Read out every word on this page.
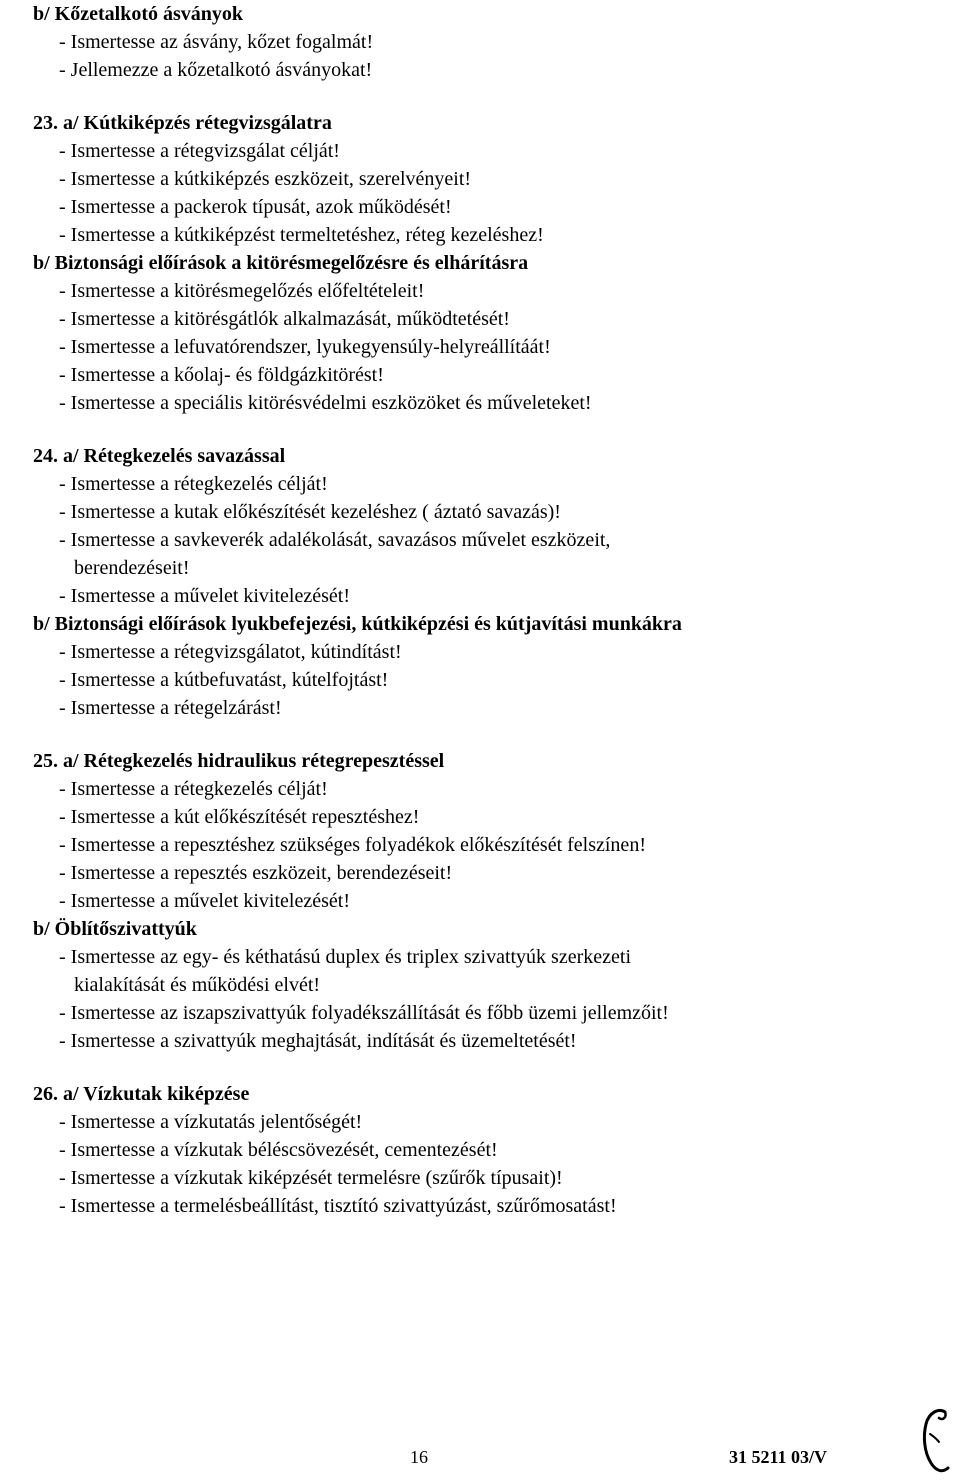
b/ Kőzetalkotó ásványok
- Ismertesse az ásvány, kőzet fogalmát!
- Jellemezze a kőzetalkotó ásványokat!
23. a/ Kútkiképzés rétegvizsgálatra
- Ismertesse a rétegvizsgálat célját!
- Ismertesse a kútkiképzés eszközeit, szerelvényeit!
- Ismertesse a packerok típusát, azok működését!
- Ismertesse a kútkiképzést termeltetéshez, réteg kezeléshez!
b/ Biztonsági előírások a kitörésmegelőzésre és elhárításra
- Ismertesse a kitörésmegelőzés előfeltételeit!
- Ismertesse a kitörésgátlók alkalmazását, működtetését!
- Ismertesse a lefuvatórendszer, lyukegyensúly-helyreállítáát!
- Ismertesse a kőolaj- és földgázkitörést!
- Ismertesse a speciális kitörésvédelmi eszközöket és műveleteket!
24. a/ Rétegkezelés savazással
- Ismertesse a rétegkezelés célját!
- Ismertesse a kutak előkészítését kezeléshez ( áztató savazás)!
- Ismertesse a savkeverék adalékolását, savazásos művelet eszközeit,
berendezéseit!
- Ismertesse a művelet kivitelezését!
b/ Biztonsági előírások lyukbefejezési, kútkiképzési és kútjavítási munkákra
- Ismertesse a rétegvizsgálatot, kútindítást!
- Ismertesse a kútbefuvatást, kútelfojtást!
- Ismertesse a rétegelzárást!
25. a/ Rétegkezelés hidraulikus rétegrepesztéssel
- Ismertesse a rétegkezelés célját!
- Ismertesse a kút előkészítését repesztéshez!
- Ismertesse a repesztéshez szükséges folyadékok előkészítését felszínen!
- Ismertesse a repesztés eszközeit, berendezéseit!
- Ismertesse a művelet kivitelezését!
b/ Öblítőszivattyúk
- Ismertesse az egy- és kéthatású duplex és triplex szivattyúk szerkezeti
kialakítását és működési elvét!
- Ismertesse az iszapszivattyúk folyadékszállítását és főbb üzemi jellemzőit!
- Ismertesse a szivattyúk meghajtását, indítását és üzemeltetését!
26. a/ Vízkutak kiképzése
- Ismertesse a vízkutatás jelentőségét!
- Ismertesse a vízkutak béléscsövezését, cementezését!
- Ismertesse a vízkutak kiképzését termelésre (szűrők típusait)!
- Ismertesse a termelésbeállítást, tisztító szivattyúzást, szűrőmosatást!
16	31 5211 03/V
